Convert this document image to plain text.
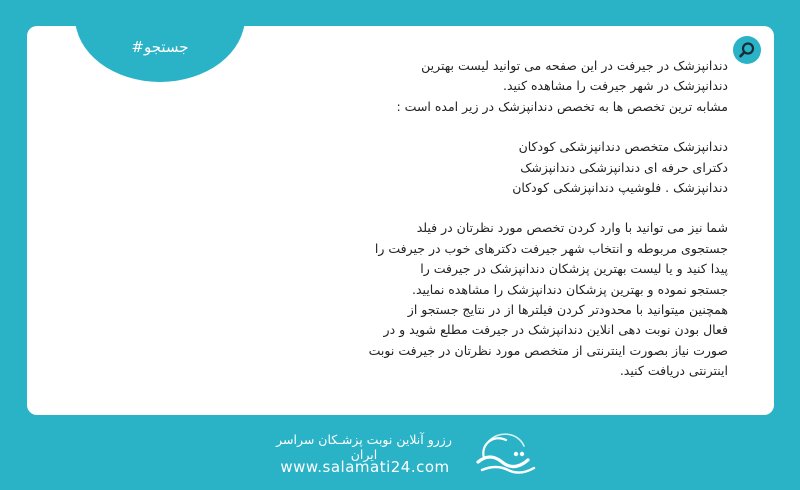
#جستجو
دندانپزشک در جیرفت در این صفحه می توانید لیست بهترین
دندانپزشک در شهر جیرفت را مشاهده کنید.
مشابه ترین تخصص ها به تخصص دندانپزشک در زیر امده است :
دندانپزشک متخصص دندانپزشکی کودکان
دکترای حرفه ای دندانپزشکی دندانپزشک
دندانپزشک . فلوشیپ دندانپزشکی کودکان
شما نیز می توانید با وارد کردن تخصص مورد نظرتان در فیلد
جستجوی مربوطه و انتخاب شهر جیرفت دکترهای خوب در جیرفت را
پیدا کنید و یا لیست بهترین پزشکان دندانپزشک در جیرفت را
جستجو نموده و بهترین پزشکان دندانپزشک را مشاهده نمایید.
همچنین میتوانید با محدودتر کردن فیلترها از در نتایج جستجو از
فعال بودن نوبت دهی انلاین دندانپزشک در جیرفت مطلع شوید و در
صورت نیاز بصورت اینترنتی از متخصص مورد نظرتان در جیرفت نوبت
اینترنتی دریافت کنید.
رزرو آنلاین نوبت پزشـکان سراسر ایران
www.salamati24.com
